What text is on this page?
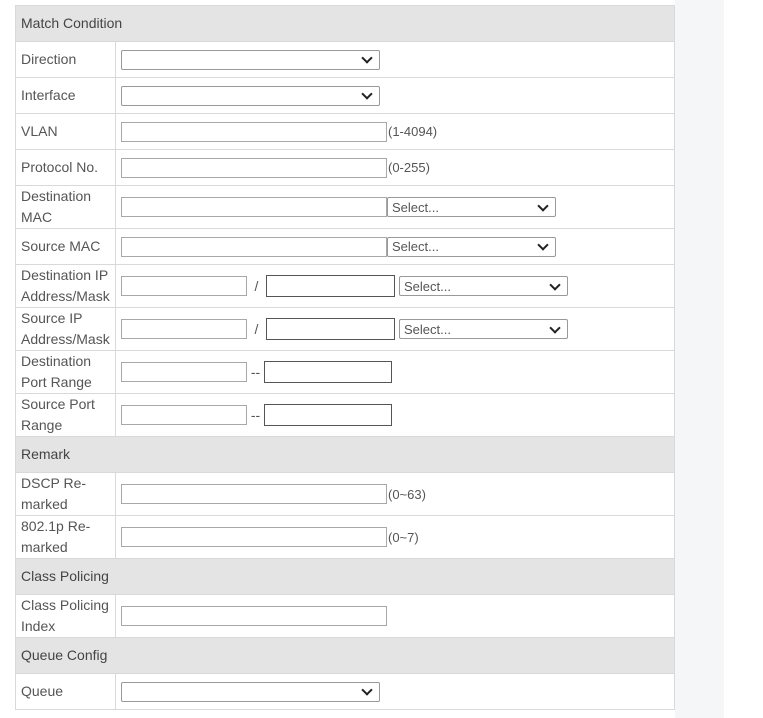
Match Condition	
Direction	

Interface	

VLAN	(1-4094)

Protocol No.	(0-255)

Destination
MAC	Select...

Source MAC	Select...

Destination IP
Address/Mask	/ Select...

Source IP
Address/Mask	/ Select...

Destination
Port Range	--

Source Port
Range	--

Remark	
DSCP Re-
marked	(0~63)

802.1p Re-
marked	(0~7)

Class Policing	
Class Policing
Index	

Queue Config	
Queue	
